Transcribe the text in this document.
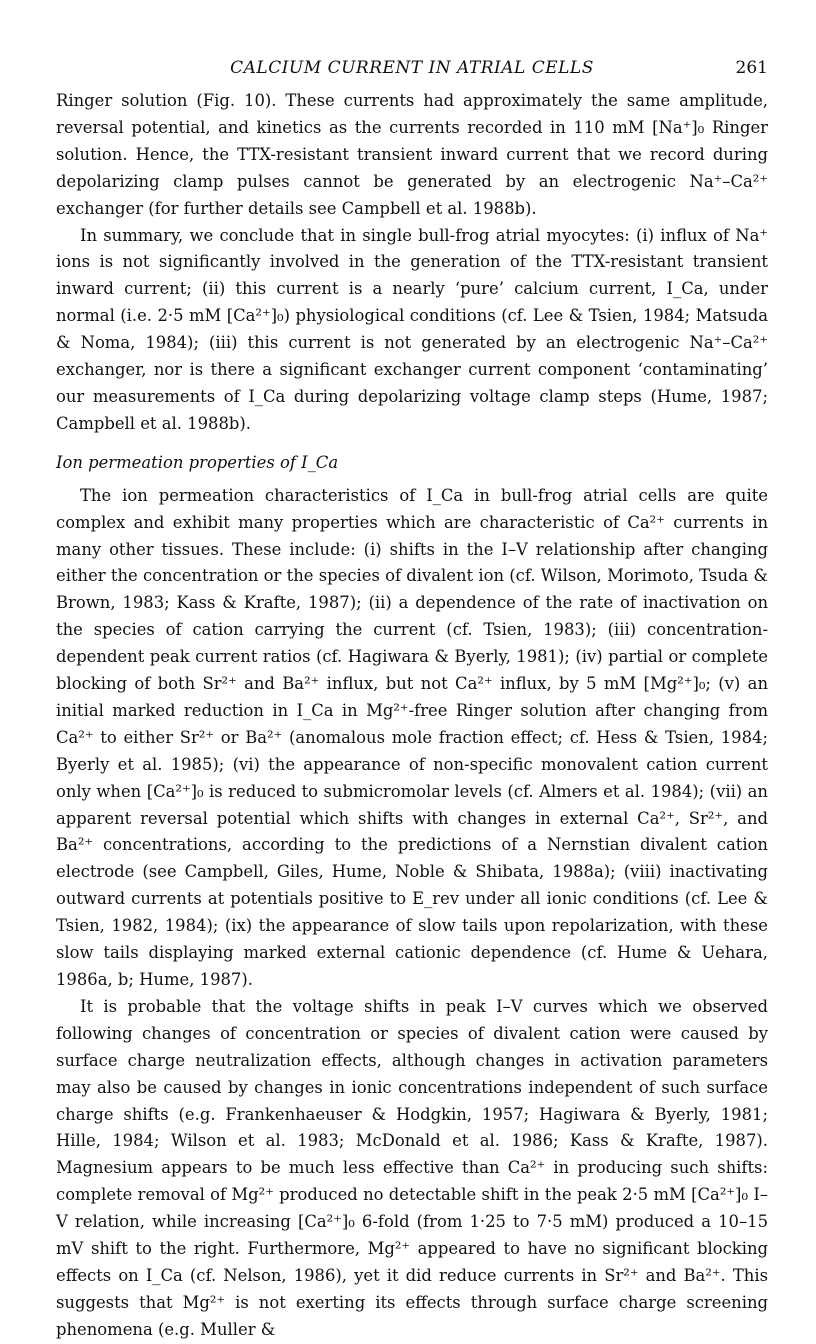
CALCIUM CURRENT IN ATRIAL CELLS	261

Ringer solution (Fig. 10). These currents had approximately the same amplitude, reversal potential, and kinetics as the currents recorded in 110 mM [Na⁺]₀ Ringer solution. Hence, the TTX-resistant transient inward current that we record during depolarizing clamp pulses cannot be generated by an electrogenic Na⁺–Ca²⁺ exchanger (for further details see Campbell et al. 1988b).

In summary, we conclude that in single bull-frog atrial myocytes: (i) influx of Na⁺ ions is not significantly involved in the generation of the TTX-resistant transient inward current; (ii) this current is a nearly ‘pure’ calcium current, I_Ca, under normal (i.e. 2·5 mM [Ca²⁺]₀) physiological conditions (cf. Lee & Tsien, 1984; Matsuda & Noma, 1984); (iii) this current is not generated by an electrogenic Na⁺–Ca²⁺ exchanger, nor is there a significant exchanger current component ‘contaminating’ our measurements of I_Ca during depolarizing voltage clamp steps (Hume, 1987; Campbell et al. 1988b).

Ion permeation properties of I_Ca

The ion permeation characteristics of I_Ca in bull-frog atrial cells are quite complex and exhibit many properties which are characteristic of Ca²⁺ currents in many other tissues. These include: (i) shifts in the I–V relationship after changing either the concentration or the species of divalent ion (cf. Wilson, Morimoto, Tsuda & Brown, 1983; Kass & Krafte, 1987); (ii) a dependence of the rate of inactivation on the species of cation carrying the current (cf. Tsien, 1983); (iii) concentration-dependent peak current ratios (cf. Hagiwara & Byerly, 1981); (iv) partial or complete blocking of both Sr²⁺ and Ba²⁺ influx, but not Ca²⁺ influx, by 5 mM [Mg²⁺]₀; (v) an initial marked reduction in I_Ca in Mg²⁺-free Ringer solution after changing from Ca²⁺ to either Sr²⁺ or Ba²⁺ (anomalous mole fraction effect; cf. Hess & Tsien, 1984; Byerly et al. 1985); (vi) the appearance of non-specific monovalent cation current only when [Ca²⁺]₀ is reduced to submicromolar levels (cf. Almers et al. 1984); (vii) an apparent reversal potential which shifts with changes in external Ca²⁺, Sr²⁺, and Ba²⁺ concentrations, according to the predictions of a Nernstian divalent cation electrode (see Campbell, Giles, Hume, Noble & Shibata, 1988a); (viii) inactivating outward currents at potentials positive to E_rev under all ionic conditions (cf. Lee & Tsien, 1982, 1984); (ix) the appearance of slow tails upon repolarization, with these slow tails displaying marked external cationic dependence (cf. Hume & Uehara, 1986a, b; Hume, 1987).

It is probable that the voltage shifts in peak I–V curves which we observed following changes of concentration or species of divalent cation were caused by surface charge neutralization effects, although changes in activation parameters may also be caused by changes in ionic concentrations independent of such surface charge shifts (e.g. Frankenhaeuser & Hodgkin, 1957; Hagiwara & Byerly, 1981; Hille, 1984; Wilson et al. 1983; McDonald et al. 1986; Kass & Krafte, 1987). Magnesium appears to be much less effective than Ca²⁺ in producing such shifts: complete removal of Mg²⁺ produced no detectable shift in the peak 2·5 mM [Ca²⁺]₀ I–V relation, while increasing [Ca²⁺]₀ 6-fold (from 1·25 to 7·5 mM) produced a 10–15 mV shift to the right. Furthermore, Mg²⁺ appeared to have no significant blocking effects on I_Ca (cf. Nelson, 1986), yet it did reduce currents in Sr²⁺ and Ba²⁺. This suggests that Mg²⁺ is not exerting its effects through surface charge screening phenomena (e.g. Muller &
